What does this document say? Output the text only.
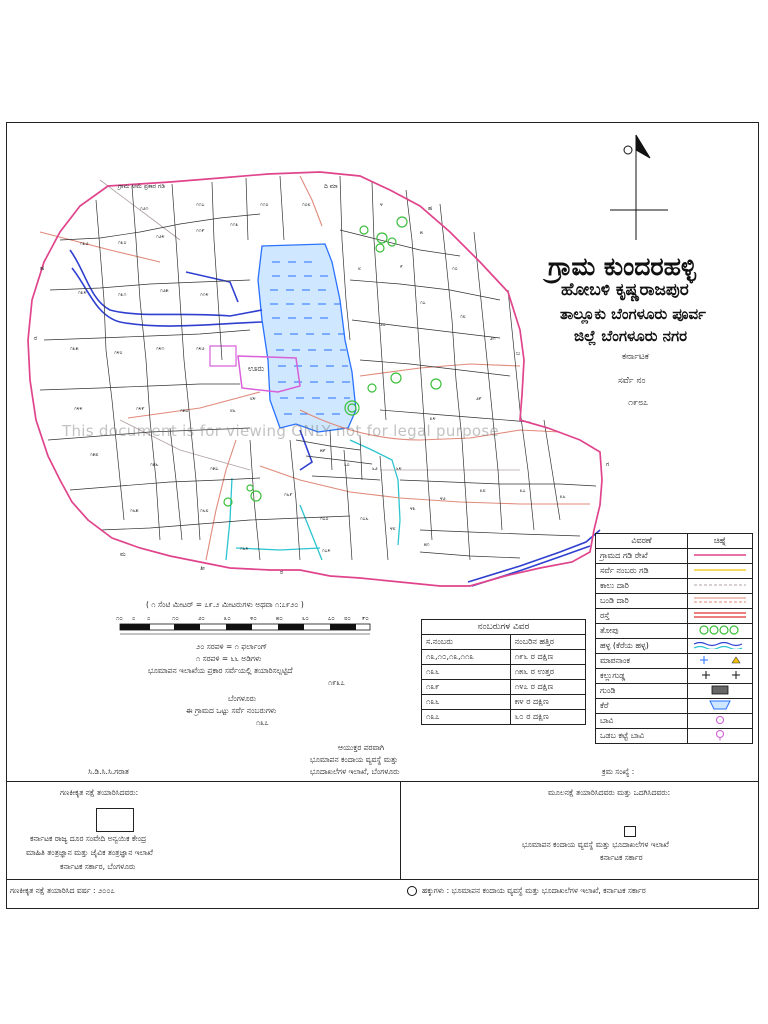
೧೩೨	೧೩೦
೧೨೪
೧೧೯
೧೧೩
೧೩೪	೧೩೧
೧೨೫
೧೧೪
೧೩೫
೧೪೦
೧೪೧	೧೪೨
೧೪೪	೧೪೯	೧೫೦
೧೫೮
೧೫೬
೧೫೭
೧೬೫	೧೬೮
೧೬೯
೧೭೦
೧೬೪	೧೭೪
೧೭೬
೪೩
೪೨
೩೮	೩೭
೩೬
೨೯
೩೪
೨೦
೧೭
೧೮
೨೧
೮	೯	೧೦
೧೦೮
೧೧೦
೧೧೭
೧೨೧
೪
೫
೫೯
೬೦
೬೨	೬೪
೪೮
೫೧
೮೪
೮೬
ಗ್ರಾಮ ಸೀಮೆ ಪ್ರಕಾರ ಗಡಿ	ದಿ ಮಾ
ಹ
ಬ
ಗ
ಮ
ತೀ
ರ
ಹ
ರ
ಗ್ರಾಮ ಕುಂದರಹಳ್ಳಿ
ಹೋಬಳಿ ಕೃಷ್ಣರಾಜಪುರ
ತಾಲ್ಲೂಕು ಬೆಂಗಳೂರು ಪೂರ್ವ
ಜಿಲ್ಲೆ ಬೆಂಗಳೂರು ನಗರ
ಕರ್ನಾಟಕ
ಸರ್ವೆ ನಂ
೧೯೮೭
ಊರು
This document is for viewing ONLY not for legal purpose
ವಿವರಣೆ	ಚಿಹ್ನೆ
ಗ್ರಾಮದ ಗಡಿ ರೇಖೆ	
ಸರ್ವೆ ನಂಬರು ಗಡಿ	
ಕಾಲು ದಾರಿ	
ಬಂಡಿ ದಾರಿ	
ರಸ್ತೆ	
ತೋಪು	
ಹಳ್ಳ (ಕೆರೆಯ ಹಳ್ಳ)	
ಮಾಪನಾಂಕ	
ಕಲ್ಲುಗುಡ್ಡ	
ಗುಂಡಿ	
ಕೆರೆ	
ಬಾವಿ	
ಒಡಬ ಕಟ್ಟೆ ಬಾವಿ	
( ೧ ಸೆಂಟಿ ಮೀಟರ್ = ೭೯.೨ ಮೀಟರುಗಳು ಅಥವಾ ೧:೭೯೨೦ )
೧೦ ೦ ೦	೧೦	೨೦	೩೦	೪೦	೫೦	೬೦	೭೦ ೮೦ ೯೦
೨೦ ಸರಪಳಿ = ೧ ಫರ್ಲಾಂಗ್
೧ ಸರಪಳಿ = ೬೬ ಅಡಿಗಳು
ಭೂಮಾಪನ ಇಲಾಖೆಯ ಪ್ರಕಾರ ಸರ್ವೆಯಲ್ಲಿ ತಯಾರಿಸಲ್ಪಟ್ಟಿದೆ
೧೯೩೭
ಬೆಂಗಳೂರು
ಈ ಗ್ರಾಮದ ಒಟ್ಟು ಸರ್ವೆ ನಂಬರುಗಳು
೧೩೭
ನಂಬರುಗಳ ವಿವರ	
ಸ.ನಂಬರು	ನಂಬರಿನ ಹತ್ತಿರ
೧೩,೧೦,೧೩,೧೧೩	೧೯೬ ರ ದಕ್ಷಿಣ
೧೩೬	೧೫೬ ರ ಉತ್ತರ
೧೩೯	೧೪೭ ರ ದಕ್ಷಿಣ
೧೩೬	೫೪ ರ ದಕ್ಷಿಣ
೧೩೭	೬೦ ರ ದಕ್ಷಿಣ
ಸಿ.ಡಿ.ಸಿ.ಸಿ.ಗರಾತ
ಆಯುಕ್ತರ ಪರವಾಗಿ
ಭೂಮಾಪನ ಕಂದಾಯ ವ್ಯವಸ್ಥೆ ಮತ್ತು
ಭೂದಾಖಲೆಗಳ ಇಲಾಖೆ, ಬೆಂಗಳೂರು	ಕ್ರಮ ಸಂಖ್ಯೆ :
ಗಣಕೀಕೃತ ನಕ್ಷೆ ತಯಾರಿಸಿದವರು:
ಕರ್ನಾಟಕ ರಾಜ್ಯ ದೂರ ಸಂವೇದಿ ಅನ್ವಯಿಕ ಕೇಂದ್ರ
ಮಾಹಿತಿ ತಂತ್ರಜ್ಞಾನ ಮತ್ತು ಜೈವಿಕ ತಂತ್ರಜ್ಞಾನ ಇಲಾಖೆ
ಕರ್ನಾಟಕ ಸರ್ಕಾರ, ಬೆಂಗಳೂರು
ಮೂಲನಕ್ಷೆ ತಯಾರಿಸಿದವರು ಮತ್ತು ಒದಗಿಸಿದವರು:
ಭೂಮಾಪನ ಕಂದಾಯ ವ್ಯವಸ್ಥೆ ಮತ್ತು ಭೂದಾಖಲೆಗಳ ಇಲಾಖೆ
ಕರ್ನಾಟಕ ಸರ್ಕಾರ
ಗಣಕೀಕೃತ ನಕ್ಷೆ ತಯಾರಿಸಿದ ವರ್ಷ : ೨೦೦೭	ಹಕ್ಕುಗಳು : ಭೂಮಾಪನ ಕಂದಾಯ ವ್ಯವಸ್ಥೆ ಮತ್ತು ಭೂದಾಖಲೆಗಳ ಇಲಾಖೆ, ಕರ್ನಾಟಕ ಸರ್ಕಾರ
